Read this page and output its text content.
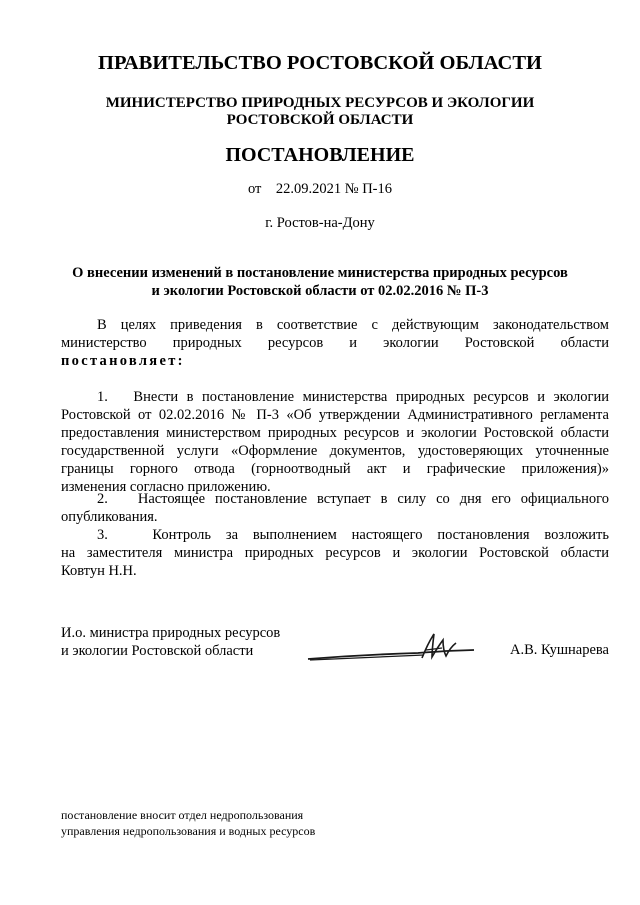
ПРАВИТЕЛЬСТВО РОСТОВСКОЙ ОБЛАСТИ
МИНИСТЕРСТВО ПРИРОДНЫХ РЕСУРСОВ И ЭКОЛОГИИ
РОСТОВСКОЙ ОБЛАСТИ
ПОСТАНОВЛЕНИЕ
от 22.09.2021 № П-16
г. Ростов-на-Дону
О внесении изменений в постановление министерства природных ресурсов
и экологии Ростовской области от 02.02.2016 № П-3
В целях приведения в соответствие с действующим законодательством
министерство природных ресурсов и экологии Ростовской области
постановляет:
1. Внести в постановление министерства природных ресурсов и экологии
Ростовской от 02.02.2016 № П-3 «Об утверждении Административного регламента
предоставления министерством природных ресурсов и экологии Ростовской области
государственной услуги «Оформление документов, удостоверяющих уточненные
границы горного отвода (горноотводный акт и графические приложения)»
изменения согласно приложению.
2. Настоящее постановление вступает в силу со дня его официального
опубликования.
3.	Контроль за выполнением настоящего постановления возложить
на заместителя министра природных ресурсов и экологии Ростовской области
Ковтун Н.Н.
И.о. министра природных ресурсов
и экологии Ростовской области	А.В. Кушнарева
постановление вносит отдел недропользования
управления недропользования и водных ресурсов
